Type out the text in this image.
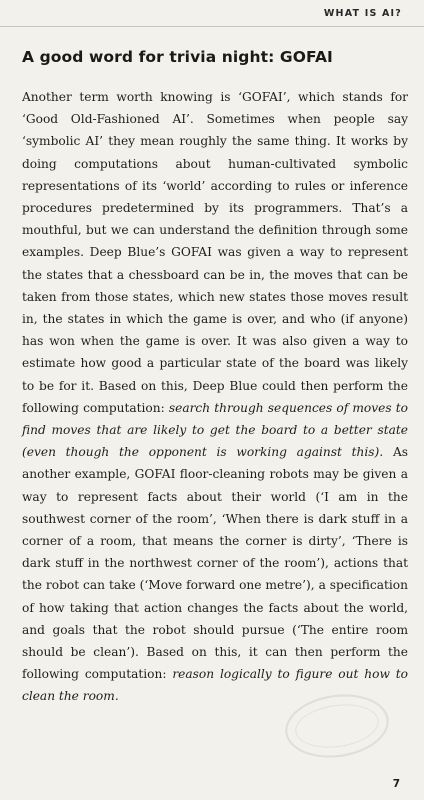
WHAT IS AI?
A good word for trivia night: GOFAI

Another term worth knowing is ‘GOFAI’, which stands for ‘Good Old-Fashioned AI’. Sometimes when people say ‘symbolic AI’ they mean roughly the same thing. It works by doing computations about human-cultivated symbolic representations of its ‘world’ according to rules or inference procedures predetermined by its programmers. That’s a mouthful, but we can understand the definition through some examples. Deep Blue’s GOFAI was given a way to represent the states that a chessboard can be in, the moves that can be taken from those states, which new states those moves result in, the states in which the game is over, and who (if anyone) has won when the game is over. It was also given a way to estimate how good a particular state of the board was likely to be for it. Based on this, Deep Blue could then perform the following computation: search through sequences of moves to find moves that are likely to get the board to a better state (even though the opponent is working against this). As another example, GOFAI floor-cleaning robots may be given a way to represent facts about their world (‘I am in the southwest corner of the room’, ‘When there is dark stuff in a corner of a room, that means the corner is dirty’, ‘There is dark stuff in the northwest corner of the room’), actions that the robot can take (‘Move forward one metre’), a specification of how taking that action changes the facts about the world, and goals that the robot should pursue (‘The entire room should be clean’). Based on this, it can then perform the following computation: reason logically to figure out how to clean the room.

7
